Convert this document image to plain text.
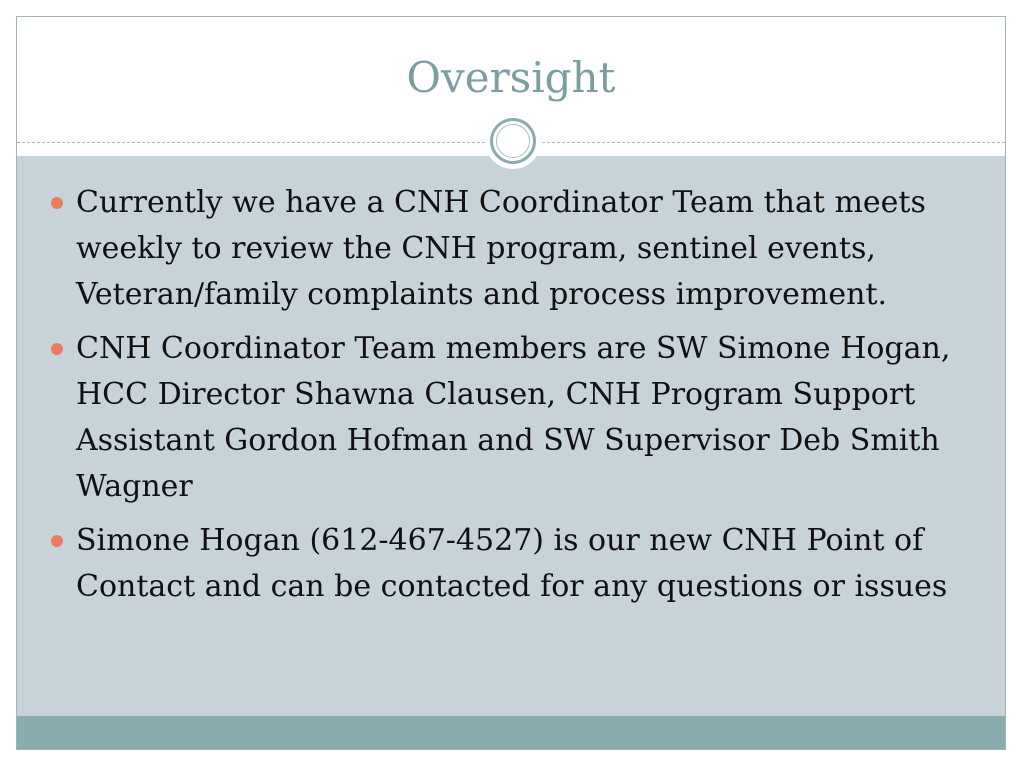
Oversight
Currently we have a CNH Coordinator Team that meets weekly to review the CNH program, sentinel events, Veteran/family complaints and process improvement.
CNH Coordinator Team members are SW Simone Hogan, HCC Director Shawna Clausen, CNH Program Support Assistant Gordon Hofman and SW Supervisor Deb Smith Wagner
Simone Hogan (612-467-4527) is our new CNH Point of Contact and can be contacted for any questions or issues
